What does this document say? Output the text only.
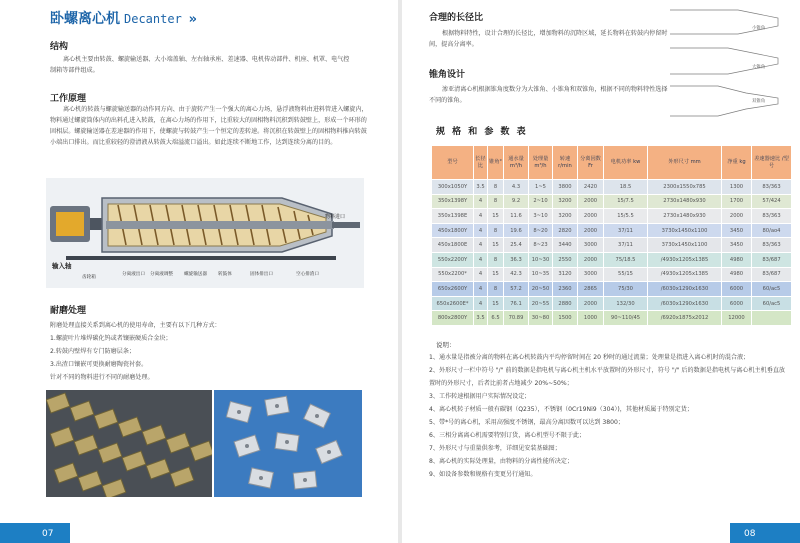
卧螺离心机 Decanter »
结构
离心机主要由转鼓、螺旋输送器、大小端盖轴、左右轴承座、差速器、电机传动部件、机座、机罩、电气控制箱等部件组成。
工作原理
离心机的转鼓与螺旋输送器的动作同方向、由于旋转产生一个强大的离心力场，悬浮液物料由进料管进入螺旋内，物料通过螺旋筒体内的出料孔进入转鼓，在离心力场的作用下，比重较大的固相物料沉积到转鼓壁上，形成一个环形的固相层。螺旋输送器在差速器的作用下，使螺旋与转鼓产生一个恒定的差转速。将沉积在转鼓壁上的固相物料推向转鼓小端出口排出。而比重较轻的澄清液从转鼓大端溢流口溢出。如此连续不断地工作，达到连续分离的目的。
物料进口
输入轴
齿轮箱
分离液出口 分离液调整 螺旋输送器 转鼓体	固体排出口	空心排渣口
耐磨处理
附磨处理直接关系到离心机的使用寿命，主要有以下几种方式：
1.螺旋叶片堆焊碳化钨或者镶嵌硬质合金块；
2.转鼓内壁焊有专门防磨层条；
3.出渣口镶嵌可更换耐磨陶瓷衬套。
针对不同的物料进行不同的耐磨处理。
07
合理的长径比
根据物料特性，设计合理的长径比，增加物料的沉降区域，延长物料在转鼓内停留时间，提高分离率。
锥角设计
渗亚清离心机根据锥角度数分为大锥角、小锥角和双锥角，根据不同的物料特性选择不同的锥角。
小锥角
大锥角
双锥角
规 格 和 参 数 表
型号	长径比	锥角°	通水量 m³/h	处理量 m³/h	转速 r/min	分离因数 Fr	电机功率 kw	外形尺寸 mm	净重 kg	差速器速比 /型号
300x1050Y	3.5	8	4.3	1~5	3800	2420	18.5	2300x1550x785	1300	83/363
350x1398Y	4	8	9.2	2~10	3200	2000	15/7.5	2730x1480x930	1700	57/424
350x1398E	4	15	11.6	3~10	3200	2000	15/5.5	2730x1480x930	2000	83/363
450x1800Y	4	8	19.6	8~20	2820	2000	37/11	3730x1450x1100	3450	80/ao4
450x1800E	4	15	25.4	8~23	3440	3000	37/11	3730x1450x1100	3450	83/363
550x2200Y	4	8	36.3	10~30	2550	2000	75/18.5	/4930x1205x1385	4980	83/687
550x2200*	4	15	42.3	10~35	3120	3000	55/15	/4930x1205x1385	4980	83/687
650x2600Y	4	8	57.2	20~50	2360	2865	75/30	/6030x1290x1630	6000	60/ac5
650x2600E*	4	15	76.1	20~55	2880	2000	132/30	/6030x1290x1630	6000	60/ac5
800x2800Y	3.5	6.5	70.89	30~80	1500	1000	90~110/45	/6920x1875x2012	12000	
说明：
1、通水量是指被分离的物料在离心机转鼓内平均停留时间在 20 秒时的通过流量；处理量是指进入离心机时的混合液；
2、外形尺寸一栏中符号 "/" 前的数据是指电机与离心机主机水平放置时的外形尺寸，符号 "/" 后的数据是指电机与离心机主机垂直放置时的外形尺寸，后者比前者占地减少 20%~50%；
3、工作转速根据用户实际情况设定；
4、离心机转子材质一般有碳钢（Q235），不锈钢（0Cr19Ni9（304）)，其他材质属于特别定货；
5、带*号的离心机，采用高强度不锈钢，最高分离因数可以达到 3800；
6、三相分离离心机需要特别订货，离心机型号不限于此；
7、外形尺寸与重量供参考，详细见安装基础图；
8、离心机的实际处理量，由物料的分离性能所决定；
9、如设备参数和规格有变更另行通知。
08
